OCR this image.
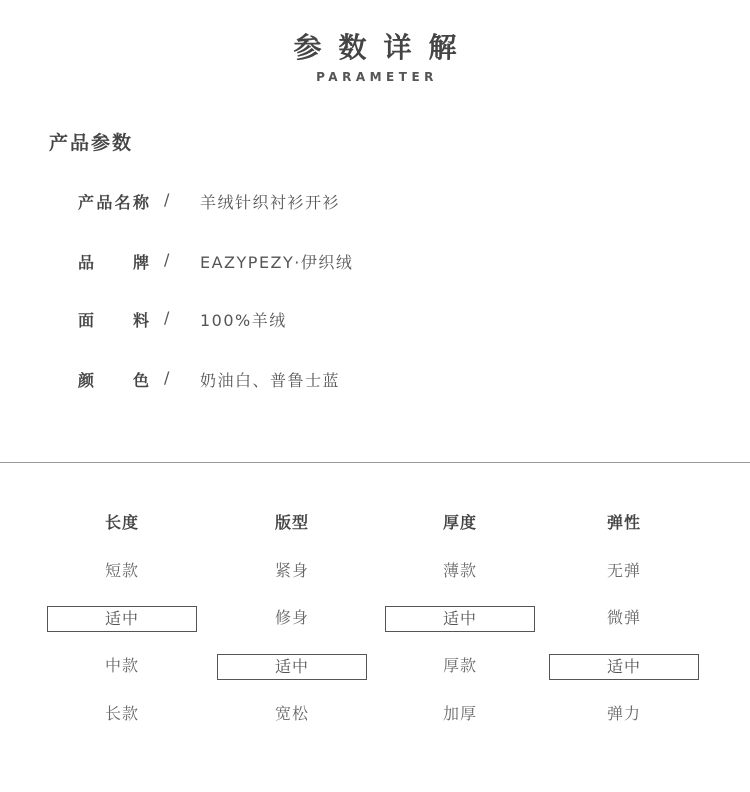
参数详解
PARAMETER
产品参数
产品名称 / 羊绒针织衬衫开衫
品牌 / EAZYPEZY·伊织绒
面料 / 100%羊绒
颜色 / 奶油白、普鲁士蓝
长度
短款
适中
中款
长款
版型
紧身
修身
适中
宽松
厚度
薄款
适中
厚款
加厚
弹性
无弹
微弹
适中
弹力
